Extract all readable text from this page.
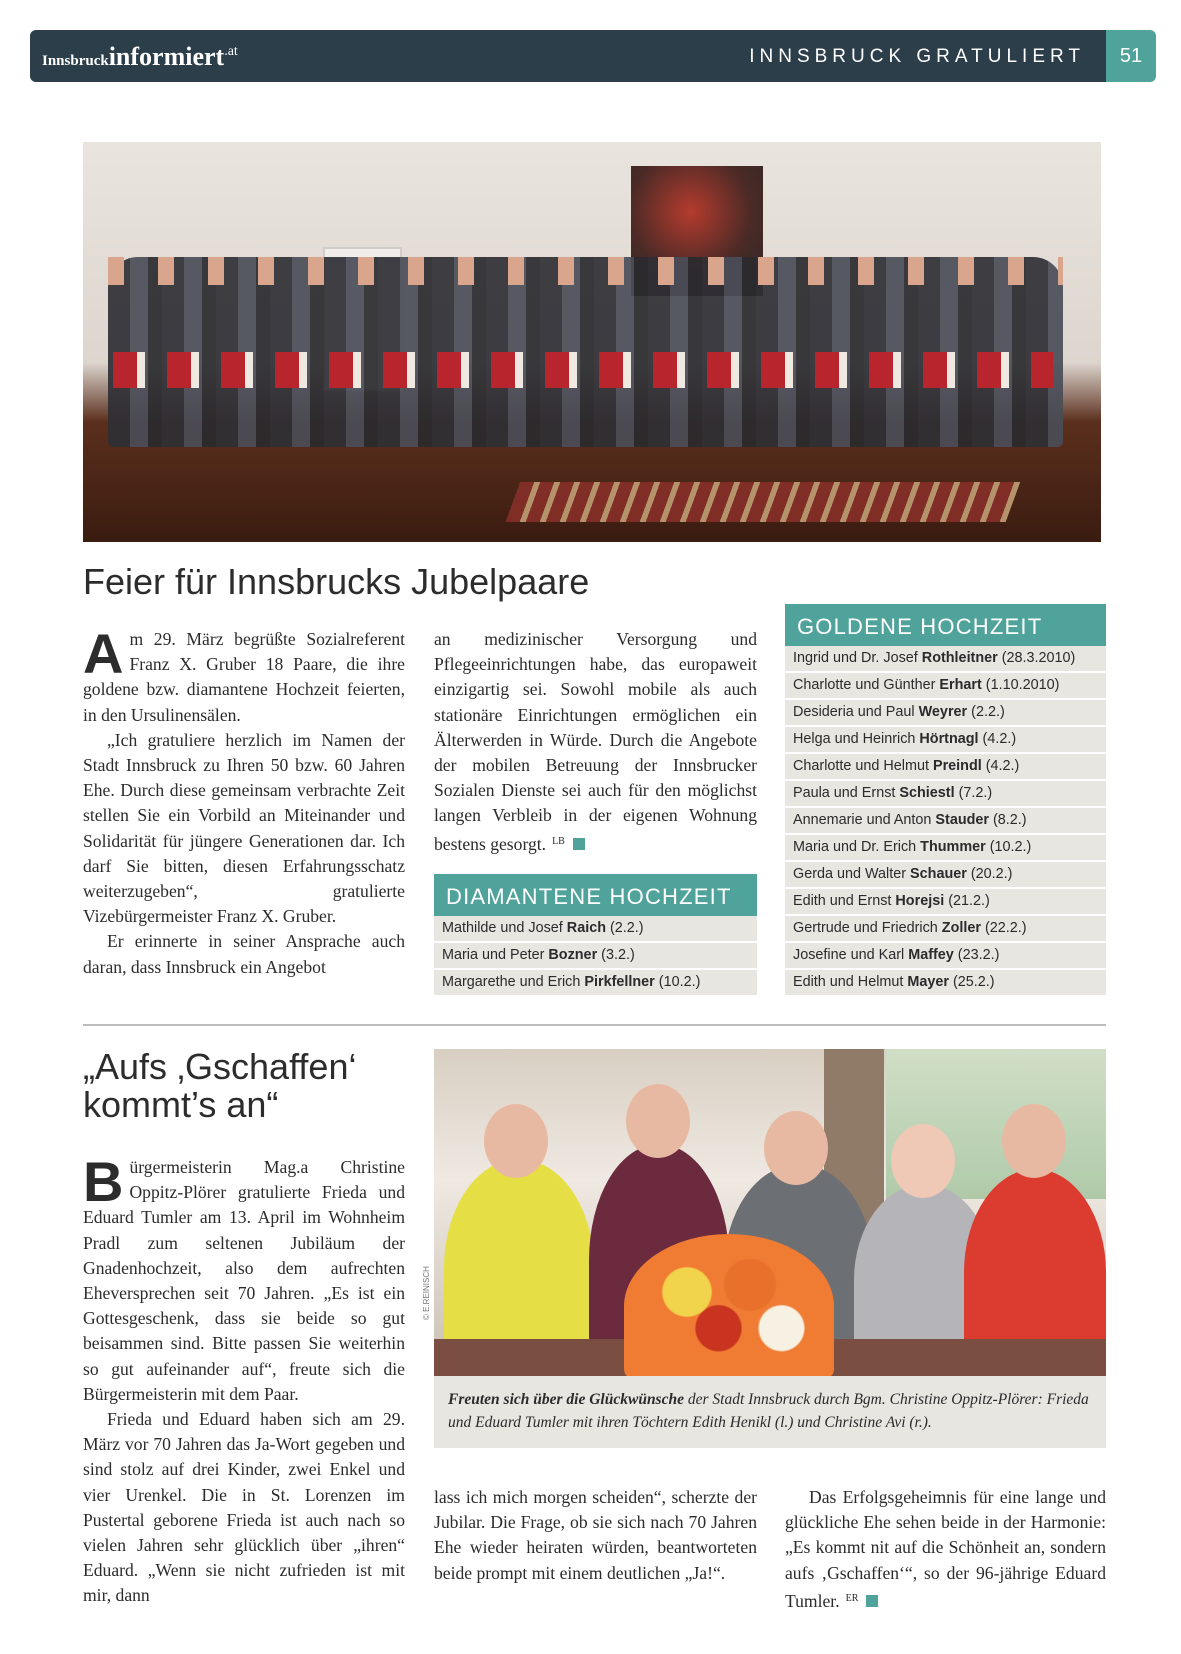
Innsbruckinformiert.at	INNSBRUCK GRATULIERT	51
Feier für Innsbrucks Jubelpaare

Am 29. März begrüßte Sozialreferent Franz X. Gruber 18 Paare, die ihre goldene bzw. diamantene Hochzeit feierten, in den Ursulinensälen.

„Ich gratuliere herzlich im Namen der Stadt Innsbruck zu Ihren 50 bzw. 60 Jahren Ehe. Durch diese gemeinsam verbrachte Zeit stellen Sie ein Vorbild an Miteinander und Solidarität für jüngere Generationen dar. Ich darf Sie bitten, diesen Erfahrungsschatz weiterzugeben“, gratulierte Vizebürgermeister Franz X. Gruber.

Er erinnerte in seiner Ansprache auch daran, dass Innsbruck ein Angebot

an medizinischer Versorgung und Pflegeeinrichtungen habe, das europaweit einzigartig sei. Sowohl mobile als auch stationäre Einrichtungen ermöglichen ein Älterwerden in Würde. Durch die Angebote der mobilen Betreuung der Innsbrucker Sozialen Dienste sei auch für den möglichst langen Verbleib in der eigenen Wohnung bestens gesorgt. $^{LB}$

DIAMANTENE HOCHZEIT
Mathilde und Josef Raich (2.2.)
Maria und Peter Bozner (3.2.)
Margarethe und Erich Pirkfellner (10.2.)
GOLDENE HOCHZEIT
Ingrid und Dr. Josef Rothleitner (28.3.2010)
Charlotte und Günther Erhart (1.10.2010)
Desideria und Paul Weyrer (2.2.)
Helga und Heinrich Hörtnagl (4.2.)
Charlotte und Helmut Preindl (4.2.)
Paula und Ernst Schiestl (7.2.)
Annemarie und Anton Stauder (8.2.)
Maria und Dr. Erich Thummer (10.2.)
Gerda und Walter Schauer (20.2.)
Edith und Ernst Horejsi (21.2.)
Gertrude und Friedrich Zoller (22.2.)
Josefine und Karl Maffey (23.2.)
Edith und Helmut Mayer (25.2.)
„Aufs ‚Gschaffen‘
kommt’s an“

Bürgermeisterin Mag.a Christine Oppitz-Plörer gratulierte Frieda und Eduard Tumler am 13. April im Wohnheim Pradl zum seltenen Jubiläum der Gnadenhochzeit, also dem aufrechten Eheversprechen seit 70 Jahren. „Es ist ein Gottesgeschenk, dass sie beide so gut beisammen sind. Bitte passen Sie weiterhin so gut aufeinander auf“, freute sich die Bürgermeisterin mit dem Paar.

Frieda und Eduard haben sich am 29. März vor 70 Jahren das Ja-Wort gegeben und sind stolz auf drei Kinder, zwei Enkel und vier Urenkel. Die in St. Lorenzen im Pustertal geborene Frieda ist auch nach so vielen Jahren sehr glücklich über „ihren“ Eduard. „Wenn sie nicht zufrieden ist mit mir, dann

© E.REINISCH
Freuten sich über die Glückwünsche der Stadt Innsbruck durch Bgm. Christine Oppitz-Plörer: Frieda und Eduard Tumler mit ihren Töchtern Edith Henikl (l.) und Christine Avi (r.).

lass ich mich morgen scheiden“, scherzte der Jubilar. Die Frage, ob sie sich nach 70 Jahren Ehe wieder heiraten würden, beantworteten beide prompt mit einem deutlichen „Ja!“.

Das Erfolgsgeheimnis für eine lange und glückliche Ehe sehen beide in der Harmonie: „Es kommt nit auf die Schönheit an, sondern aufs ‚Gschaffen‘“, so der 96-jährige Eduard Tumler. $^{ER}$
